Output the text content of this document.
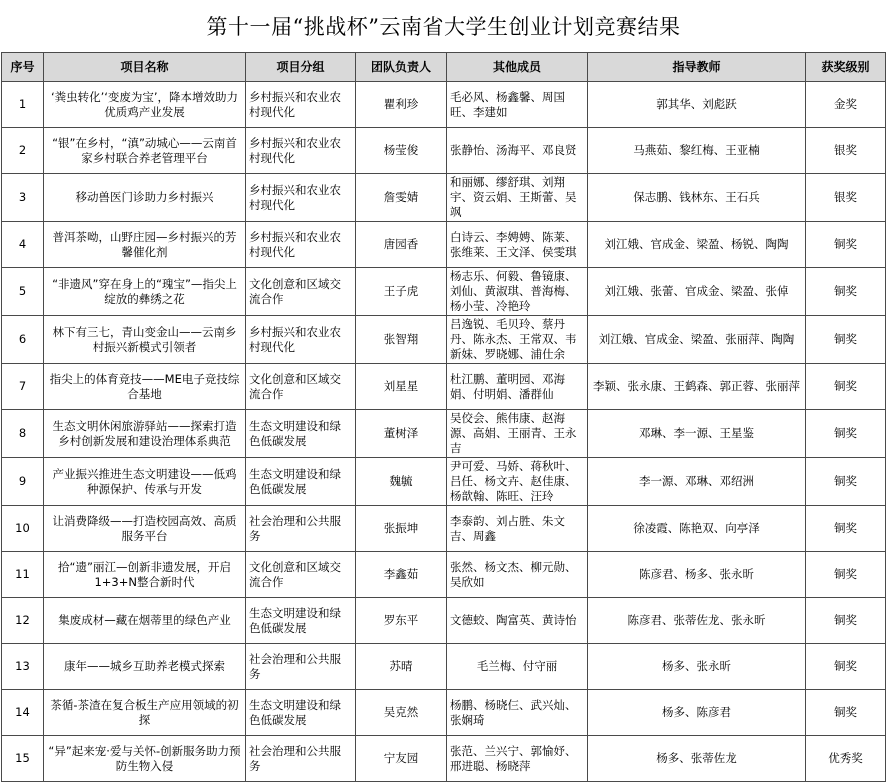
第十一届“挑战杯”云南省大学生创业计划竞赛结果
序号	项目名称	项目分组	团队负责人	其他成员	指导教师	获奖级别
1	‘粪虫转化’‘变废为宝’，降本增效助力优质鸡产业发展	乡村振兴和农业农村现代化	瞿利珍	毛必风、杨鑫馨、周国旺、李建如	郭其华、刘彪跃	金奖
2	“银”在乡村，“滇”动城心——云南首家乡村联合养老管理平台	乡村振兴和农业农村现代化	杨莹俊	张静怡、汤海平、邓良贤	马燕茹、黎红梅、王亚楠	银奖
3	移动兽医门诊助力乡村振兴	乡村振兴和农业农村现代化	詹雯婧	和丽娜、缪舒琪、刘翔宇、资云娟、王斯蕾、吴飒	保志鹏、钱林东、王石兵	银奖
4	普洱茶呦，山野庄园—乡村振兴的芳馨催化剂	乡村振兴和农业农村现代化	唐园香	白诗云、李娉娉、陈莱、张维莱、王文泽、侯雯琪	刘江娥、官成金、梁盈、杨锐、陶陶	铜奖
5	“非遗风”穿在身上的“瑰宝”—指尖上绽放的彝绣之花	文化创意和区域交流合作	王子虎	杨志乐、何毅、鲁镜康、刘仙、黄淑琪、普海梅、杨小莹、冷艳玲	刘江娥、张蕾、官成金、梁盈、张倬	铜奖
6	林下有三七，青山变金山——云南乡村振兴新模式引领者	乡村振兴和农业农村现代化	张智翔	吕逸锐、毛贝玲、蔡丹丹、陈永杰、王常双、韦新妹、罗晓娜、浦仕余	刘江娥、官成金、梁盈、张丽萍、陶陶	铜奖
7	指尖上的体育竞技——ME电子竞技综合基地	文化创意和区域交流合作	刘星星	杜江鹏、董明园、邓海娟、付明娟、潘群仙	李颖、张永康、王鹤森、郭正蓉、张丽萍	铜奖
8	生态文明休闲旅游驿站——探索打造乡村创新发展和建设治理体系典范	生态文明建设和绿色低碳发展	董树泽	吴佼会、熊伟康、赵海源、高娟、王丽青、王永吉	邓琳、李一源、王星鉴	铜奖
9	产业振兴推进生态文明建设——低鸡种源保护、传承与开发	生态文明建设和绿色低碳发展	魏毓	尹可爱、马娇、蒋秋叶、吕任、杨文卉、赵佳康、杨歆翰、陈旺、汪玲	李一源、邓琳、邓绍洲	铜奖
10	让消费降级——打造校园高效、高质服务平台	社会治理和公共服务	张振坤	李泰韵、刘占胜、朱文吉、周鑫	徐凌霞、陈艳双、向亭泽	铜奖
11	拾“遗”丽江—创新非遗发展，开启1+3+N整合新时代	文化创意和区域交流合作	李鑫茹	张然、杨文杰、柳元勋、吴欣如	陈彦君、杨多、张永昕	铜奖
12	集废成材—藏在烟蒂里的绿色产业	生态文明建设和绿色低碳发展	罗东平	文德蛟、陶富英、黄诗怡	陈彦君、张蒂佐龙、张永昕	铜奖
13	康年——城乡互助养老模式探索	社会治理和公共服务	苏晴	毛兰梅、付守丽	杨多、张永昕	铜奖
14	茶循-茶渣在复合板生产应用领域的初探	生态文明建设和绿色低碳发展	吴克然	杨鹏、杨晓仨、武兴灿、张娴琦	杨多、陈彦君	铜奖
15	“异”起来宠·爱与关怀-创新服务助力预防生物入侵	社会治理和公共服务	宁友园	张范、兰兴宁、郭愉妤、邢进聪、杨晓萍	杨多、张蒂佐龙	优秀奖
